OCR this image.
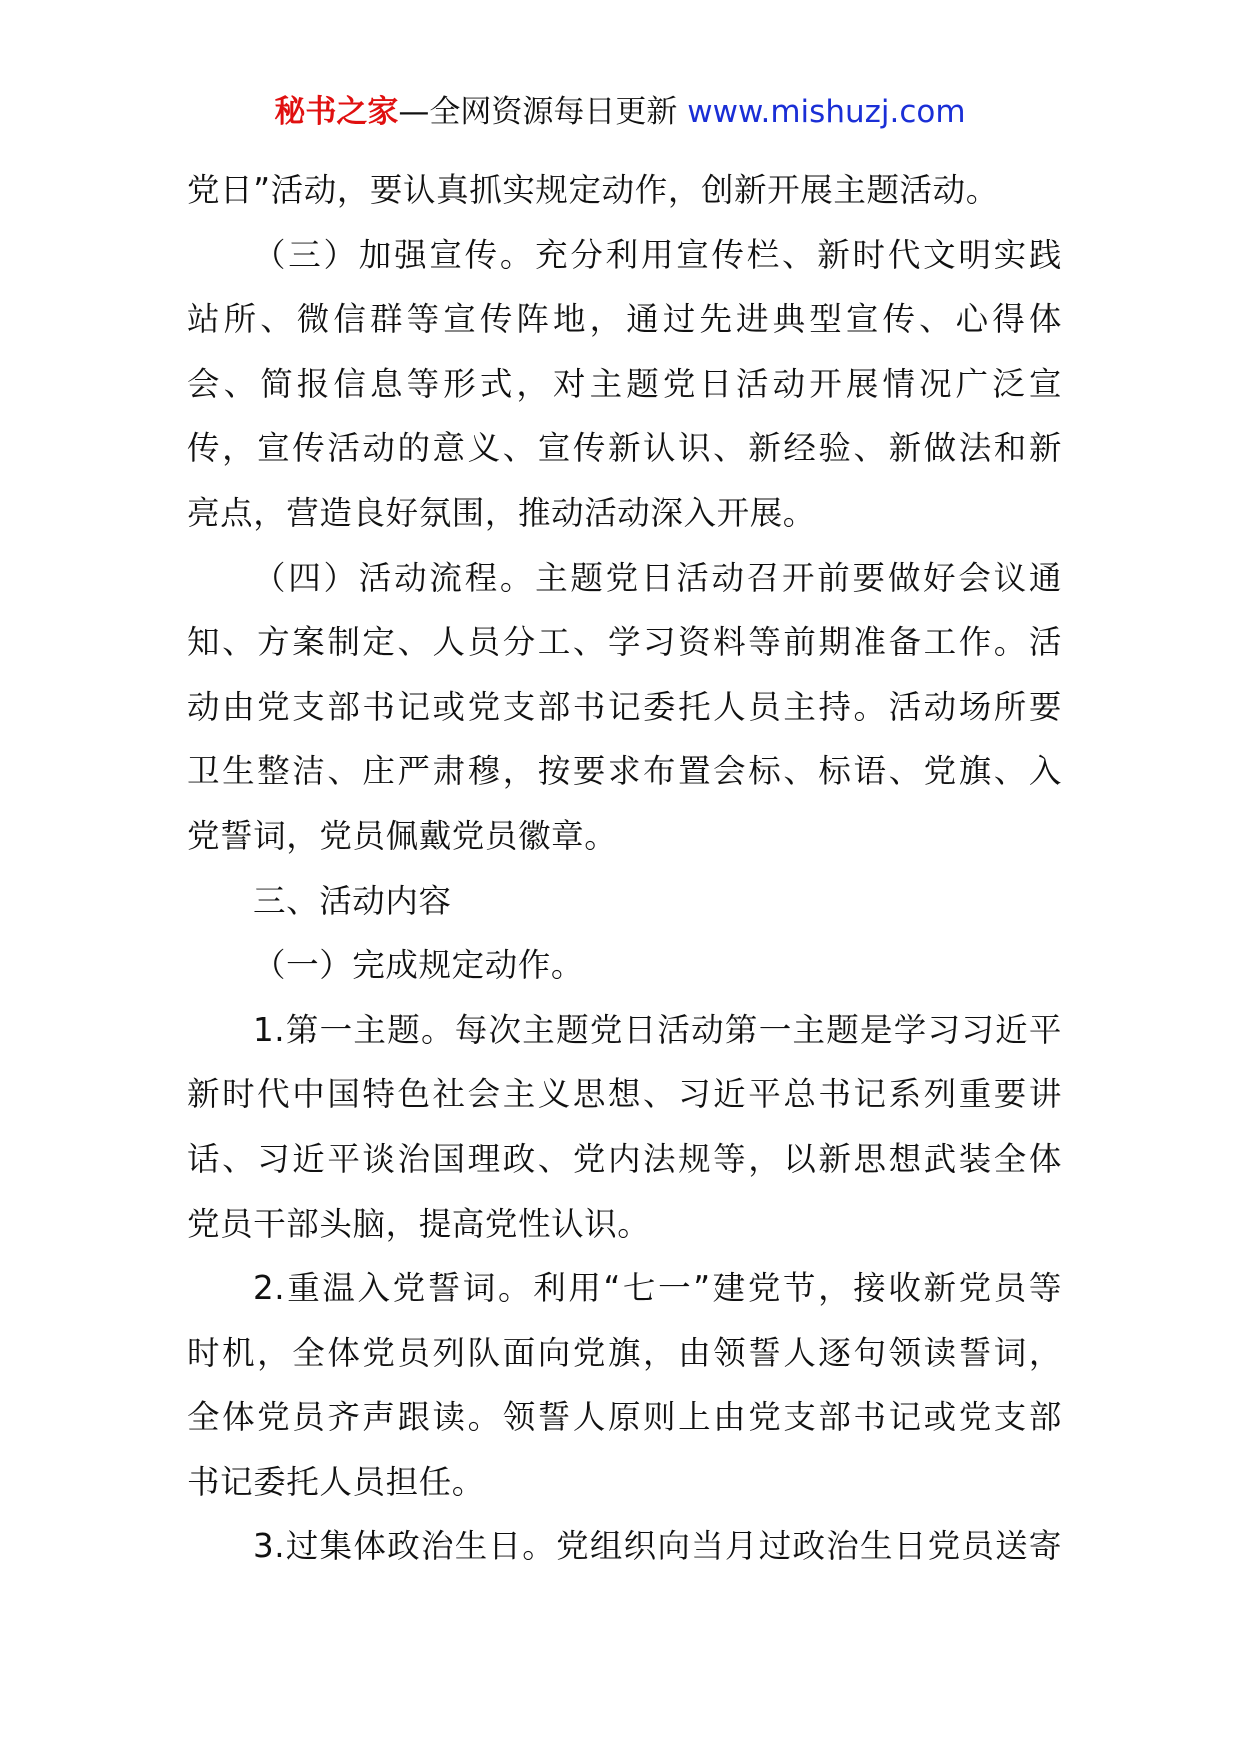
秘书之家—全网资源每日更新 www.mishuzj.com
党日”活动，要认真抓实规定动作，创新开展主题活动。
（三）加强宣传。充分利用宣传栏、新时代文明实践
站所、微信群等宣传阵地，通过先进典型宣传、心得体
会、简报信息等形式，对主题党日活动开展情况广泛宣
传，宣传活动的意义、宣传新认识、新经验、新做法和新
亮点，营造良好氛围，推动活动深入开展。
（四）活动流程。主题党日活动召开前要做好会议通
知、方案制定、人员分工、学习资料等前期准备工作。活
动由党支部书记或党支部书记委托人员主持。活动场所要
卫生整洁、庄严肃穆，按要求布置会标、标语、党旗、入
党誓词，党员佩戴党员徽章。
三、活动内容
（一）完成规定动作。
1.第一主题。每次主题党日活动第一主题是学习习近平
新时代中国特色社会主义思想、习近平总书记系列重要讲
话、习近平谈治国理政、党内法规等，以新思想武装全体
党员干部头脑，提高党性认识。
2.重温入党誓词。利用“七一”建党节，接收新党员等
时机，全体党员列队面向党旗，由领誓人逐句领读誓词，
全体党员齐声跟读。领誓人原则上由党支部书记或党支部
书记委托人员担任。
3.过集体政治生日。党组织向当月过政治生日党员送寄
